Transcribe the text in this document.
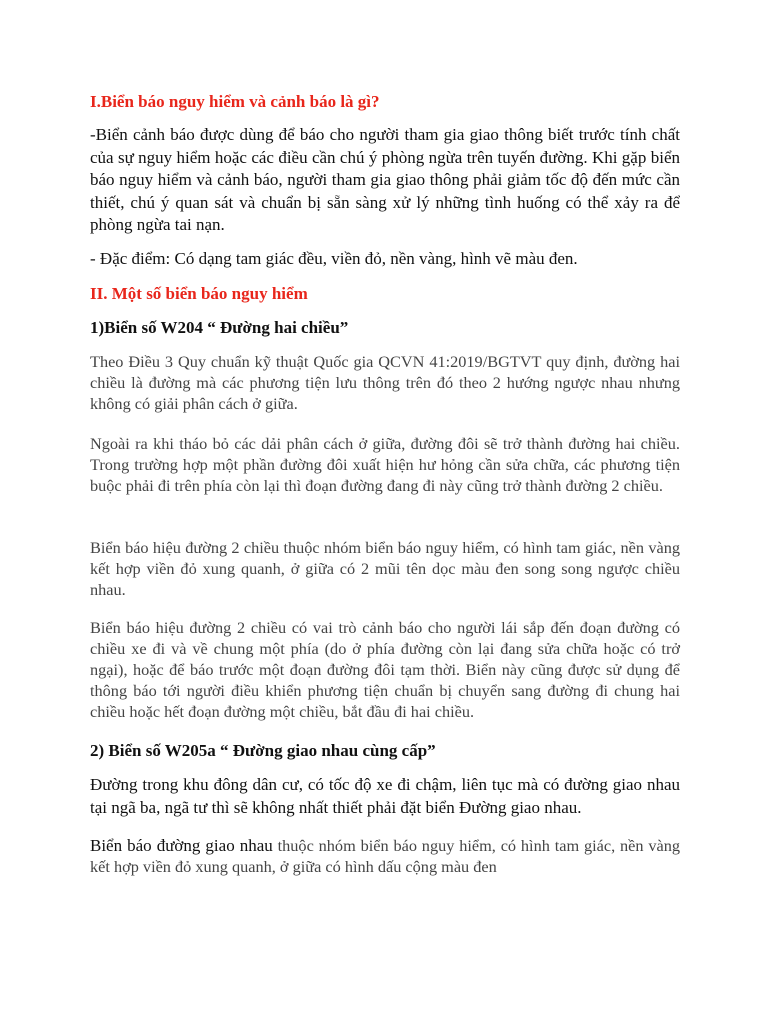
I.Biển báo nguy hiểm và cảnh báo là gì?

-Biển cảnh báo được dùng để báo cho người tham gia giao thông biết trước tính chất của sự nguy hiểm hoặc các điều cần chú ý phòng ngừa trên tuyến đường. Khi gặp biển báo nguy hiểm và cảnh báo, người tham gia giao thông phải giảm tốc độ đến mức cần thiết, chú ý quan sát và chuẩn bị sẵn sàng xử lý những tình huống có thể xảy ra để phòng ngừa tai nạn.

- Đặc điểm: Có dạng tam giác đều, viền đỏ, nền vàng, hình vẽ màu đen.

II. Một số biển báo nguy hiểm
1)Biển số W204 “ Đường hai chiều”

Theo Điều 3 Quy chuẩn kỹ thuật Quốc gia QCVN 41:2019/BGTVT quy định, đường hai chiều là đường mà các phương tiện lưu thông trên đó theo 2 hướng ngược nhau nhưng không có giải phân cách ở giữa.

Ngoài ra khi tháo bỏ các dải phân cách ở giữa, đường đôi sẽ trở thành đường hai chiều. Trong trường hợp một phần đường đôi xuất hiện hư hỏng cần sửa chữa, các phương tiện buộc phải đi trên phía còn lại thì đoạn đường đang đi này cũng trở thành đường 2 chiều.

Biển báo hiệu đường 2 chiều thuộc nhóm biển báo nguy hiểm, có hình tam giác, nền vàng kết hợp viền đỏ xung quanh, ở giữa có 2 mũi tên dọc màu đen song song ngược chiều nhau.

Biển báo hiệu đường 2 chiều có vai trò cảnh báo cho người lái sắp đến đoạn đường có chiều xe đi và về chung một phía (do ở phía đường còn lại đang sửa chữa hoặc có trở ngại), hoặc để báo trước một đoạn đường đôi tạm thời. Biển này cũng được sử dụng để thông báo tới người điều khiển phương tiện chuẩn bị chuyển sang đường đi chung hai chiều hoặc hết đoạn đường một chiều, bắt đầu đi hai chiều.

2) Biển số W205a “ Đường giao nhau cùng cấp”

Đường trong khu đông dân cư, có tốc độ xe đi chậm, liên tục mà có đường giao nhau tại ngã ba, ngã tư thì sẽ không nhất thiết phải đặt biển Đường giao nhau.

Biển báo đường giao nhau thuộc nhóm biển báo nguy hiểm, có hình tam giác, nền vàng kết hợp viền đỏ xung quanh, ở giữa có hình dấu cộng màu đen
